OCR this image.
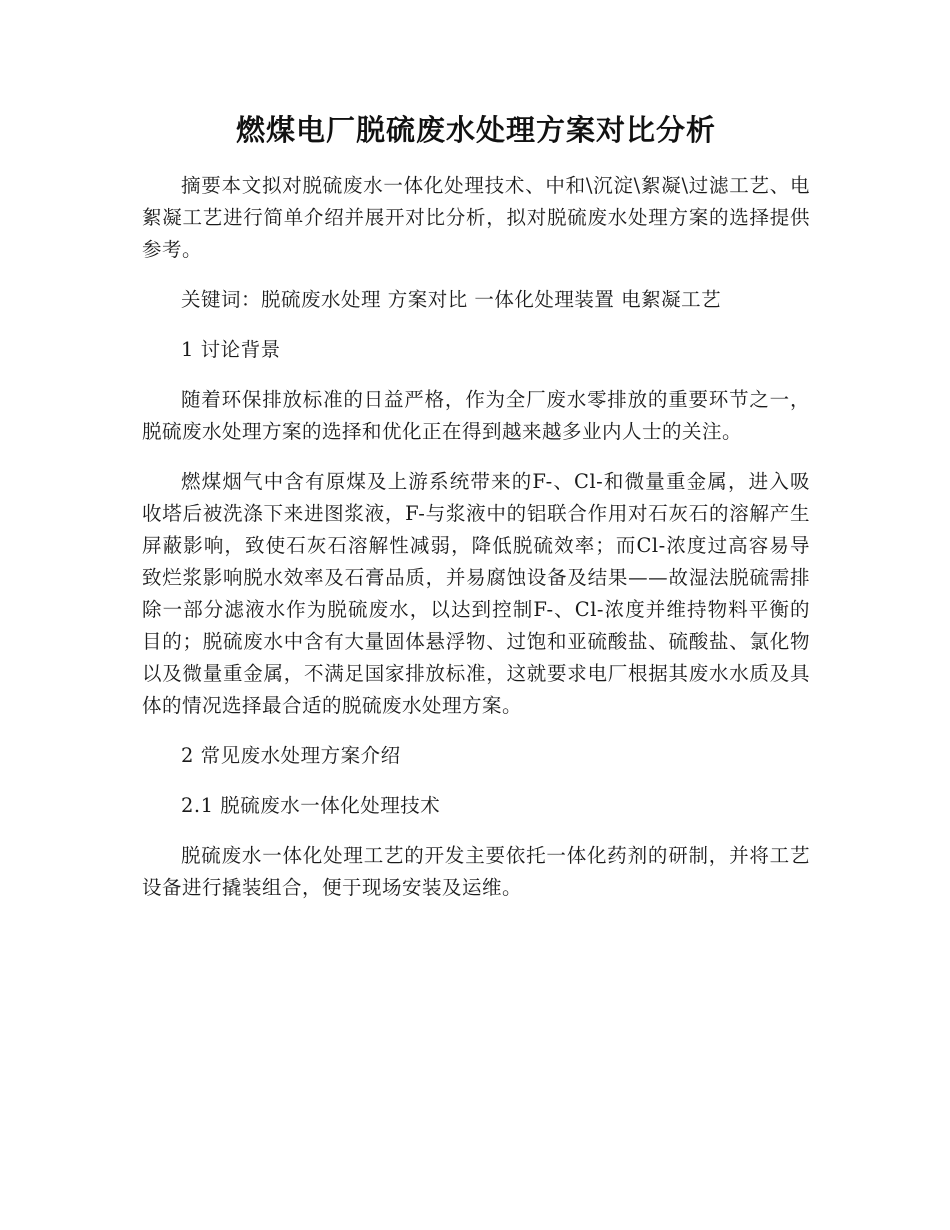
燃煤电厂脱硫废水处理方案对比分析

摘要本文拟对脱硫废水一体化处理技术、中和\沉淀\絮凝\过滤工艺、电絮凝工艺进行简单介绍并展开对比分析，拟对脱硫废水处理方案的选择提供参考。

关键词：脱硫废水处理 方案对比 一体化处理装置 电絮凝工艺

1 讨论背景

随着环保排放标准的日益严格，作为全厂废水零排放的重要环节之一，脱硫废水处理方案的选择和优化正在得到越来越多业内人士的关注。

燃煤烟气中含有原煤及上游系统带来的F-、Cl-和微量重金属，进入吸收塔后被洗涤下来进图浆液，F-与浆液中的铝联合作用对石灰石的溶解产生屏蔽影响，致使石灰石溶解性减弱，降低脱硫效率；而Cl-浓度过高容易导致烂浆影响脱水效率及石膏品质，并易腐蚀设备及结果——故湿法脱硫需排除一部分滤液水作为脱硫废水，以达到控制F-、Cl-浓度并维持物料平衡的目的；脱硫废水中含有大量固体悬浮物、过饱和亚硫酸盐、硫酸盐、氯化物以及微量重金属，不满足国家排放标准，这就要求电厂根据其废水水质及具体的情况选择最合适的脱硫废水处理方案。

2 常见废水处理方案介绍

2.1 脱硫废水一体化处理技术

脱硫废水一体化处理工艺的开发主要依托一体化药剂的研制，并将工艺设备进行撬装组合，便于现场安装及运维。
